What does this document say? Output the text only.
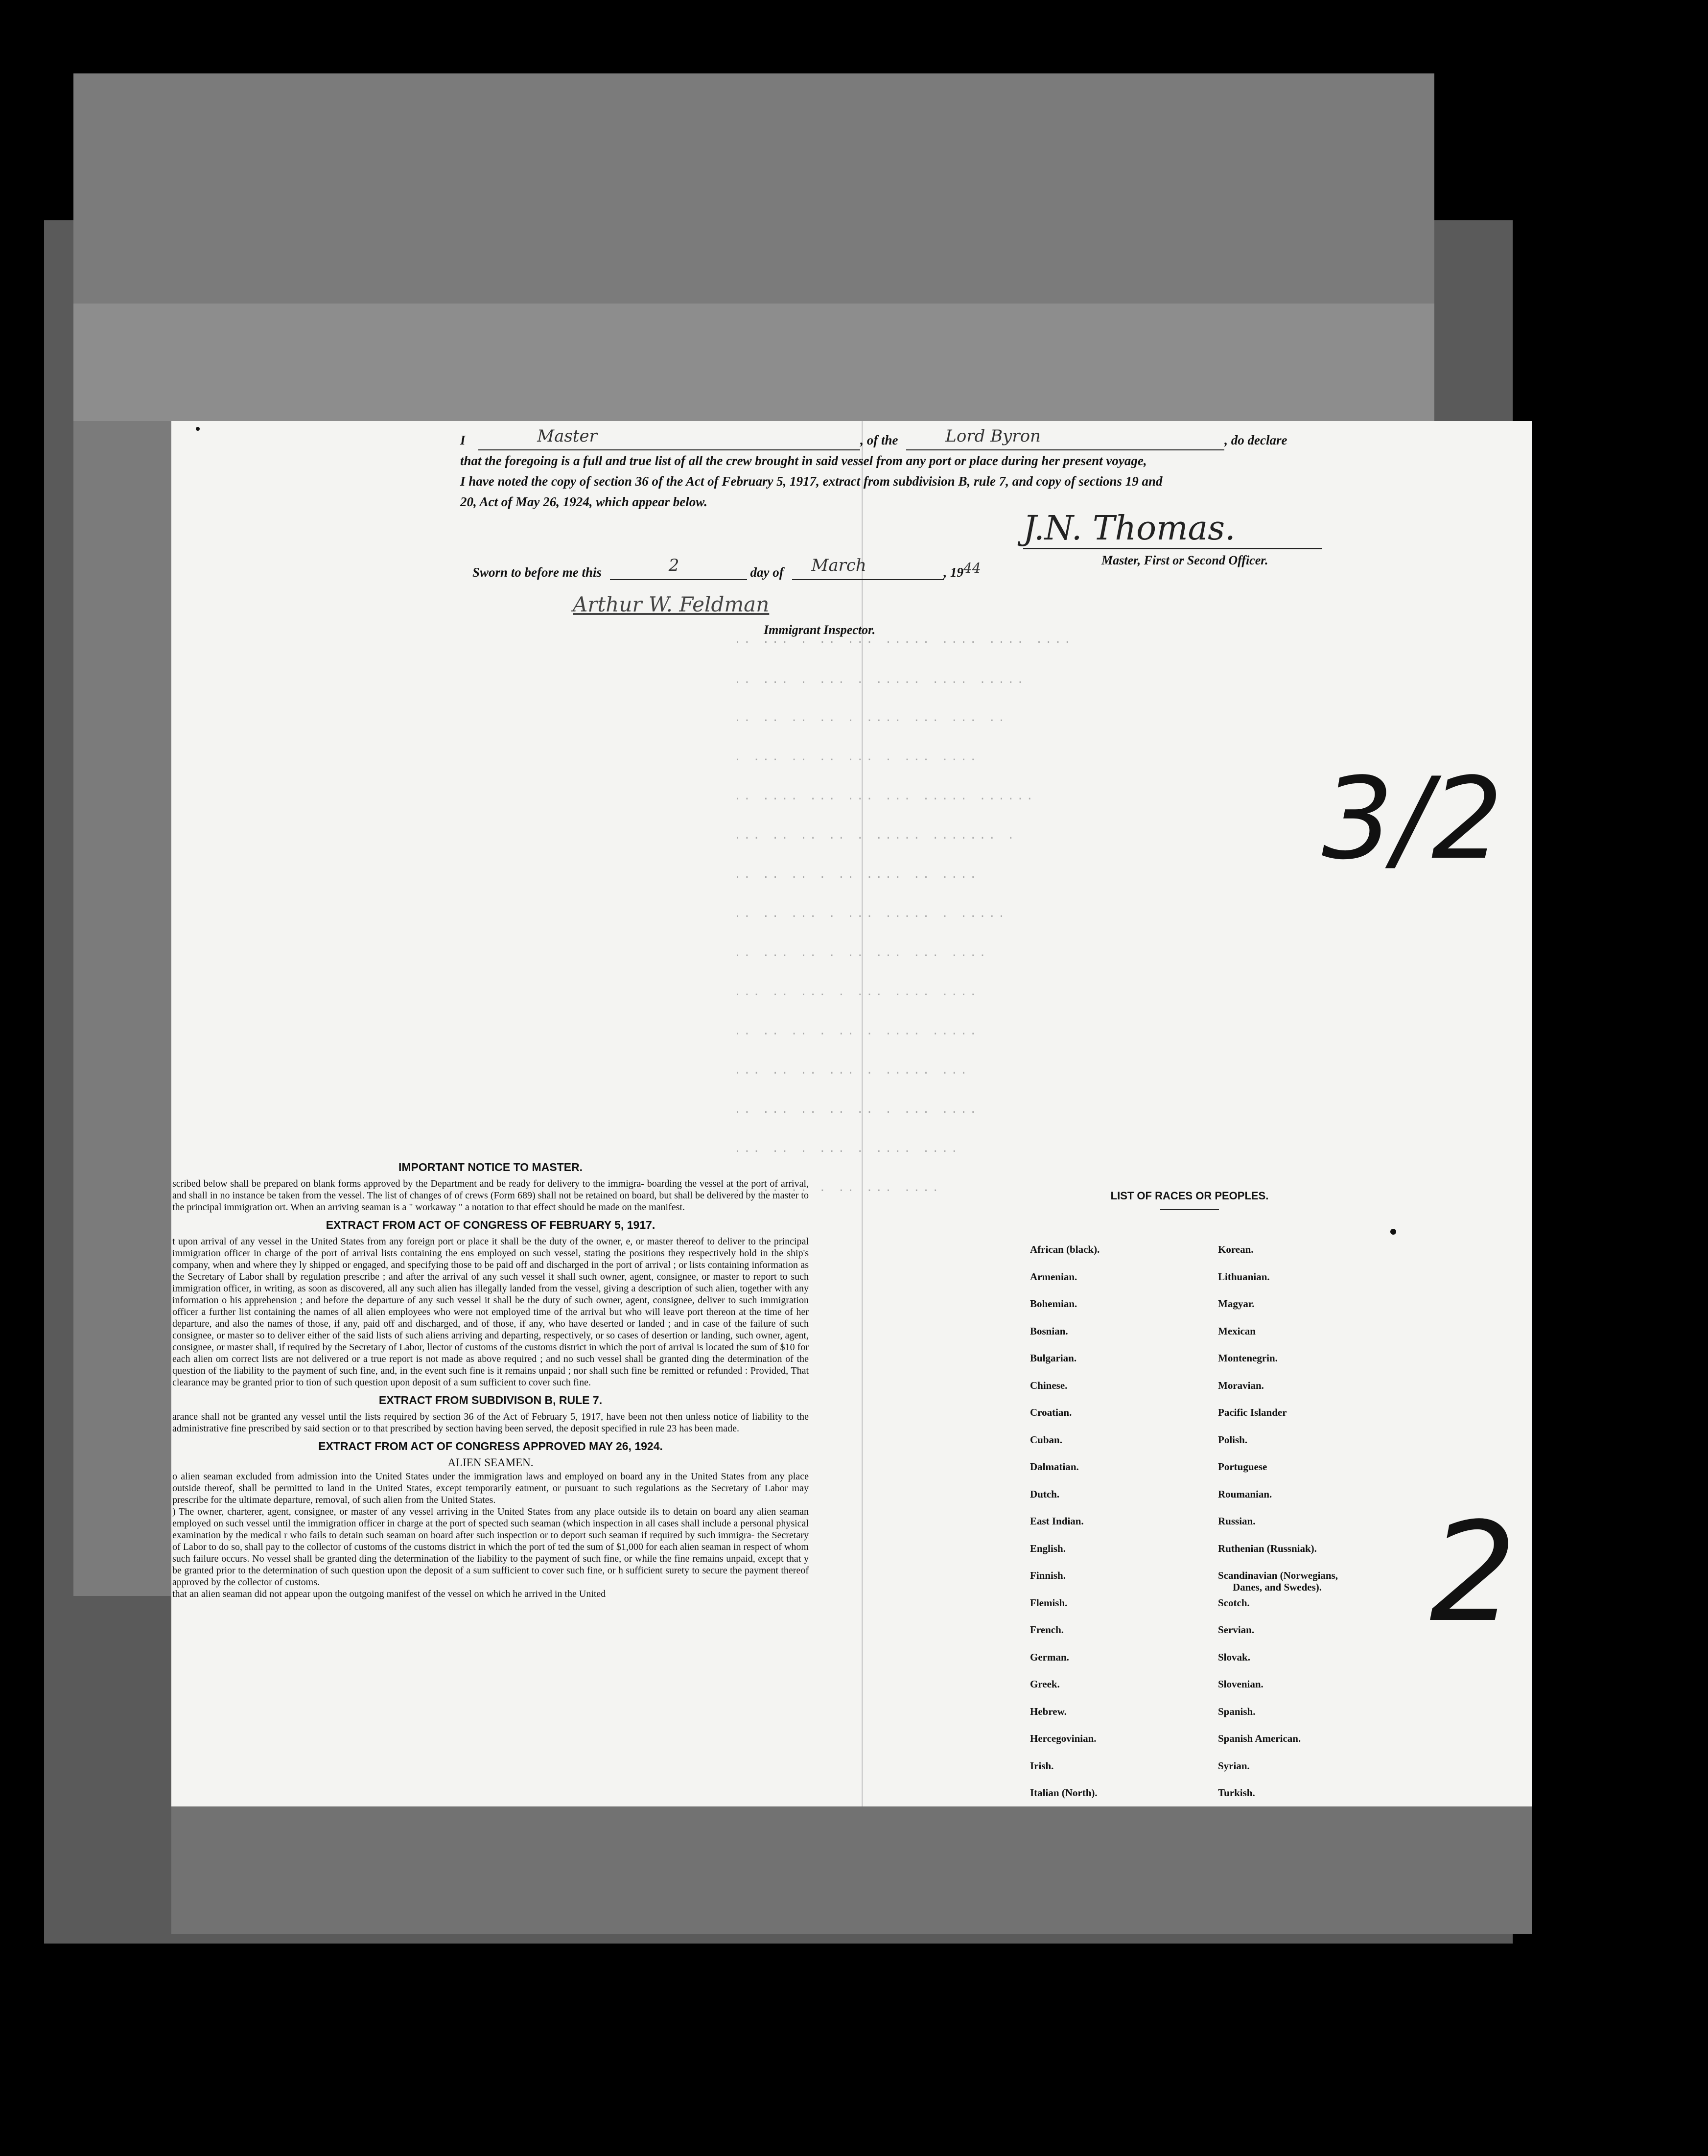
I	Master	, of the	Lord Byron	, do declare
that the foregoing is a full and true list of all the crew brought in said vessel from any port or place during her present voyage,
I have noted the copy of section 36 of the Act of February 5, 1917, extract from subdivision B, rule 7, and copy of sections 19 and
20, Act of May 26, 1924, which appear below.
J.N. Thomas.
Master, First or Second Officer.
Sworn to before me this	2	day of March	, 1944
Arthur W. Feldman
Immigrant Inspector.
·· ··· · ·· ··· ····· ···· ···· ····
·· ··· · ··· · ····· ···· ·····
·· ·· ·· ·· · ···· ··· ··· ··
· ··· ·· ·· ··· · ··· ····
·· ···· ··· ··· ··· ····· ······
··· ·· ·· ·· · ····· ······· ·
·· ·· ·· · ·· ···· ·· ····
·· ·· ··· · ··· ····· · ·····
·· ··· ·· · ·· ··· ··· ····
··· ·· ··· · ··· ···· ····
·· ·· ·· · ·· · ···· ·····
··· ·· ·· ··· · ····· ···
·· ··· ·· ·· ·· · ··· ····
··· ·· · ··· · ···· ····
·· ·· ·· · ·· ··· ····
3/2
2
IMPORTANT NOTICE TO MASTER.

scribed below shall be prepared on blank forms approved by the Department and be ready for delivery to the immigra- boarding the vessel at the port of arrival, and shall in no instance be taken from the vessel. The list of changes of of crews (Form 689) shall not be retained on board, but shall be delivered by the master to the principal immigration ort. When an arriving seaman is a " workaway " a notation to that effect should be made on the manifest.

EXTRACT FROM ACT OF CONGRESS OF FEBRUARY 5, 1917.

t upon arrival of any vessel in the United States from any foreign port or place it shall be the duty of the owner, e, or master thereof to deliver to the principal immigration officer in charge of the port of arrival lists containing the ens employed on such vessel, stating the positions they respectively hold in the ship's company, when and where they ly shipped or engaged, and specifying those to be paid off and discharged in the port of arrival ; or lists containing information as the Secretary of Labor shall by regulation prescribe ; and after the arrival of any such vessel it shall such owner, agent, consignee, or master to report to such immigration officer, in writing, as soon as discovered, all any such alien has illegally landed from the vessel, giving a description of such alien, together with any information o his apprehension ; and before the departure of any such vessel it shall be the duty of such owner, agent, consignee, deliver to such immigration officer a further list containing the names of all alien employees who were not employed time of the arrival but who will leave port thereon at the time of her departure, and also the names of those, if any, paid off and discharged, and of those, if any, who have deserted or landed ; and in case of the failure of such consignee, or master so to deliver either of the said lists of such aliens arriving and departing, respectively, or so cases of desertion or landing, such owner, agent, consignee, or master shall, if required by the Secretary of Labor, llector of customs of the customs district in which the port of arrival is located the sum of $10 for each alien om correct lists are not delivered or a true report is not made as above required ; and no such vessel shall be granted ding the determination of the question of the liability to the payment of such fine, and, in the event such fine is it remains unpaid ; nor shall such fine be remitted or refunded : Provided, That clearance may be granted prior to tion of such question upon deposit of a sum sufficient to cover such fine.

EXTRACT FROM SUBDIVISON B, RULE 7.

arance shall not be granted any vessel until the lists required by section 36 of the Act of February 5, 1917, have been not then unless notice of liability to the administrative fine prescribed by said section or to that prescribed by section having been served, the deposit specified in rule 23 has been made.

EXTRACT FROM ACT OF CONGRESS APPROVED MAY 26, 1924.

ALIEN SEAMEN.

o alien seaman excluded from admission into the United States under the immigration laws and employed on board any in the United States from any place outside thereof, shall be permitted to land in the United States, except temporarily eatment, or pursuant to such regulations as the Secretary of Labor may prescribe for the ultimate departure, removal, of such alien from the United States.

) The owner, charterer, agent, consignee, or master of any vessel arriving in the United States from any place outside ils to detain on board any alien seaman employed on such vessel until the immigration officer in charge at the port of spected such seaman (which inspection in all cases shall include a personal physical examination by the medical r who fails to detain such seaman on board after such inspection or to deport such seaman if required by such immigra- the Secretary of Labor to do so, shall pay to the collector of customs of the customs district in which the port of ted the sum of $1,000 for each alien seaman in respect of whom such failure occurs. No vessel shall be granted ding the determination of the liability to the payment of such fine, or while the fine remains unpaid, except that y be granted prior to the determination of such question upon the deposit of a sum sufficient to cover such fine, or h sufficient surety to secure the payment thereof approved by the collector of customs.

that an alien seaman did not appear upon the outgoing manifest of the vessel on which he arrived in the United

LIST OF RACES OR PEOPLES.
African (black).
Armenian.
Bohemian.
Bosnian.
Bulgarian.
Chinese.
Croatian.
Cuban.
Dalmatian.
Dutch.
East Indian.
English.
Finnish.
Flemish.
French.
German.
Greek.
Hebrew.
Hercegovinian.
Irish.
Italian (North).
Korean.
Lithuanian.
Magyar.
Mexican
Montenegrin.
Moravian.
Pacific Islander
Polish.
Portuguese
Roumanian.
Russian.
Ruthenian (Russniak).
Scandinavian (Norwegians,
Scotch.
Servian.
Slovak.
Slovenian.
Spanish.
Spanish American.
Syrian.
Turkish.
Danes, and Swedes).
